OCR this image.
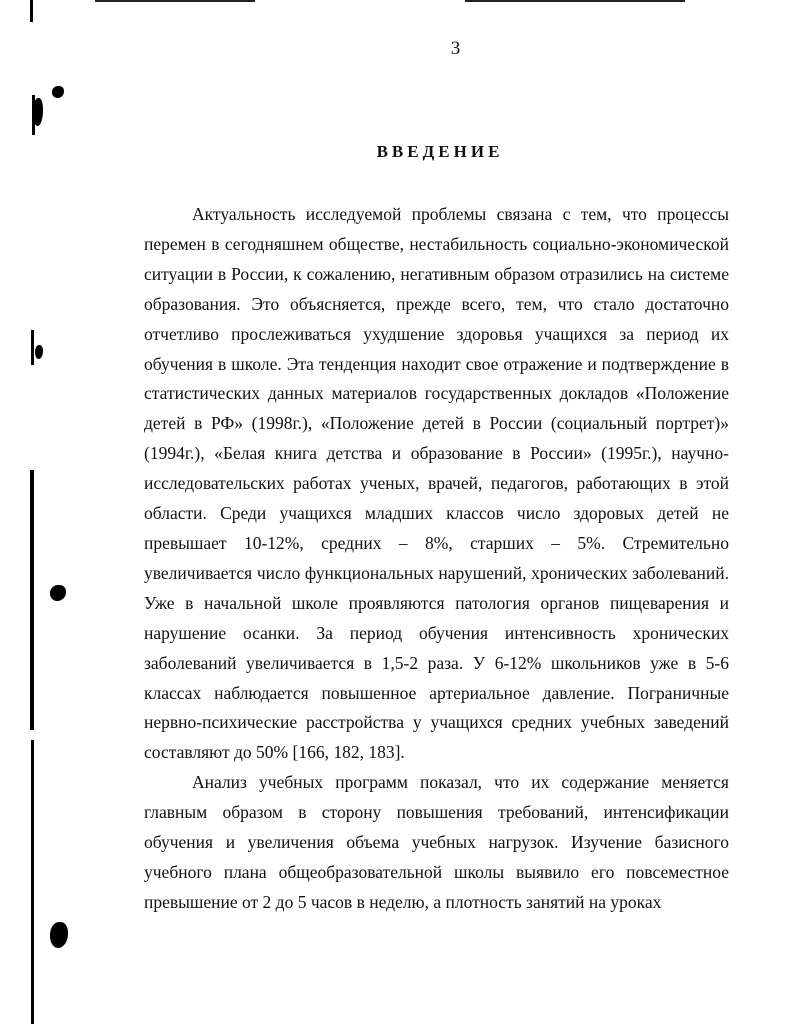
3
ВВЕДЕНИЕ

Актуальность исследуемой проблемы связана с тем, что процессы перемен в сегодняшнем обществе, нестабильность социально-экономической ситуации в России, к сожалению, негативным образом отразились на системе образования. Это объясняется, прежде всего, тем, что стало достаточно отчетливо прослеживаться ухудшение здоровья учащихся за период их обучения в школе. Эта тенденция находит свое отражение и подтверждение в статистических данных материалов государственных докладов «Положение детей в РФ» (1998г.), «Положение детей в России (социальный портрет)» (1994г.), «Белая книга детства и образование в России» (1995г.), научно-исследовательских работах ученых, врачей, педагогов, работающих в этой области. Среди учащихся младших классов число здоровых детей не превышает 10-12%, средних – 8%, старших – 5%. Стремительно увеличивается число функциональных нарушений, хронических заболеваний. Уже в начальной школе проявляются патология органов пищеварения и нарушение осанки. За период обучения интенсивность хронических заболеваний увеличивается в 1,5-2 раза. У 6-12% школьников уже в 5-6 классах наблюдается повышенное артериальное давление. Пограничные нервно-психические расстройства у учащихся средних учебных заведений составляют до 50% [166, 182, 183].

Анализ учебных программ показал, что их содержание меняется главным образом в сторону повышения требований, интенсификации обучения и увеличения объема учебных нагрузок. Изучение базисного учебного плана общеобразовательной школы выявило его повсеместное превышение от 2 до 5 часов в неделю, а плотность занятий на уроках
